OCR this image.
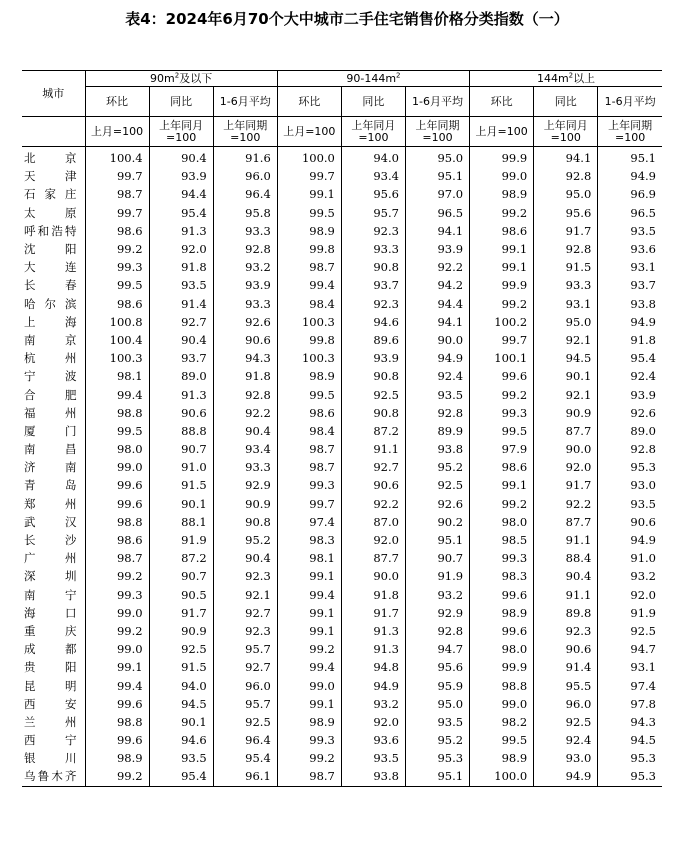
表4：2024年6月70个大中城市二手住宅销售价格分类指数（一）
城市	$90m^2$及以下			$90-144m^2$			$144m^2$以上		
	环比	同比	1-6月平均	环比	同比	1-6月平均	环比	同比	1-6月平均
	上月=100	上年同月=100	上年同期=100	上月=100	上年同月=100	上年同期=100	上月=100	上年同月=100	上年同期=100
北京	100.4	90.4	91.6	100.0	94.0	95.0	99.9	94.1	95.1
天津	99.7	93.9	96.0	99.7	93.4	95.1	99.0	92.8	94.9
石家庄	98.7	94.4	96.4	99.1	95.6	97.0	98.9	95.0	96.9
太原	99.7	95.4	95.8	99.5	95.7	96.5	99.2	95.6	96.5
呼和浩特	98.6	91.3	93.3	98.9	92.3	94.1	98.6	91.7	93.5
沈阳	99.2	92.0	92.8	99.8	93.3	93.9	99.1	92.8	93.6
大连	99.3	91.8	93.2	98.7	90.8	92.2	99.1	91.5	93.1
长春	99.5	93.5	93.9	99.4	93.7	94.2	99.9	93.3	93.7
哈尔滨	98.6	91.4	93.3	98.4	92.3	94.4	99.2	93.1	93.8
上海	100.8	92.7	92.6	100.3	94.6	94.1	100.2	95.0	94.9
南京	100.4	90.4	90.6	99.8	89.6	90.0	99.7	92.1	91.8
杭州	100.3	93.7	94.3	100.3	93.9	94.9	100.1	94.5	95.4
宁波	98.1	89.0	91.8	98.9	90.8	92.4	99.6	90.1	92.4
合肥	99.4	91.3	92.8	99.5	92.5	93.5	99.2	92.1	93.9
福州	98.8	90.6	92.2	98.6	90.8	92.8	99.3	90.9	92.6
厦门	99.5	88.8	90.4	98.4	87.2	89.9	99.5	87.7	89.0
南昌	98.0	90.7	93.4	98.7	91.1	93.8	97.9	90.0	92.8
济南	99.0	91.0	93.3	98.7	92.7	95.2	98.6	92.0	95.3
青岛	99.6	91.5	92.9	99.3	90.6	92.5	99.1	91.7	93.0
郑州	99.6	90.1	90.9	99.7	92.2	92.6	99.2	92.2	93.5
武汉	98.8	88.1	90.8	97.4	87.0	90.2	98.0	87.7	90.6
长沙	98.6	91.9	95.2	98.3	92.0	95.1	98.5	91.1	94.9
广州	98.7	87.2	90.4	98.1	87.7	90.7	99.3	88.4	91.0
深圳	99.2	90.7	92.3	99.1	90.0	91.9	98.3	90.4	93.2
南宁	99.3	90.5	92.1	99.4	91.8	93.2	99.6	91.1	92.0
海口	99.0	91.7	92.7	99.1	91.7	92.9	98.9	89.8	91.9
重庆	99.2	90.9	92.3	99.1	91.3	92.8	99.6	92.3	92.5
成都	99.0	92.5	95.7	99.2	91.3	94.7	98.0	90.6	94.7
贵阳	99.1	91.5	92.7	99.4	94.8	95.6	99.9	91.4	93.1
昆明	99.4	94.0	96.0	99.0	94.9	95.9	98.8	95.5	97.4
西安	99.6	94.5	95.7	99.1	93.2	95.0	99.0	96.0	97.8
兰州	98.8	90.1	92.5	98.9	92.0	93.5	98.2	92.5	94.3
西宁	99.6	94.6	96.4	99.3	93.6	95.2	99.5	92.4	94.5
银川	98.9	93.5	95.4	99.2	93.5	95.3	98.9	93.0	95.3
乌鲁木齐	99.2	95.4	96.1	98.7	93.8	95.1	100.0	94.9	95.3
